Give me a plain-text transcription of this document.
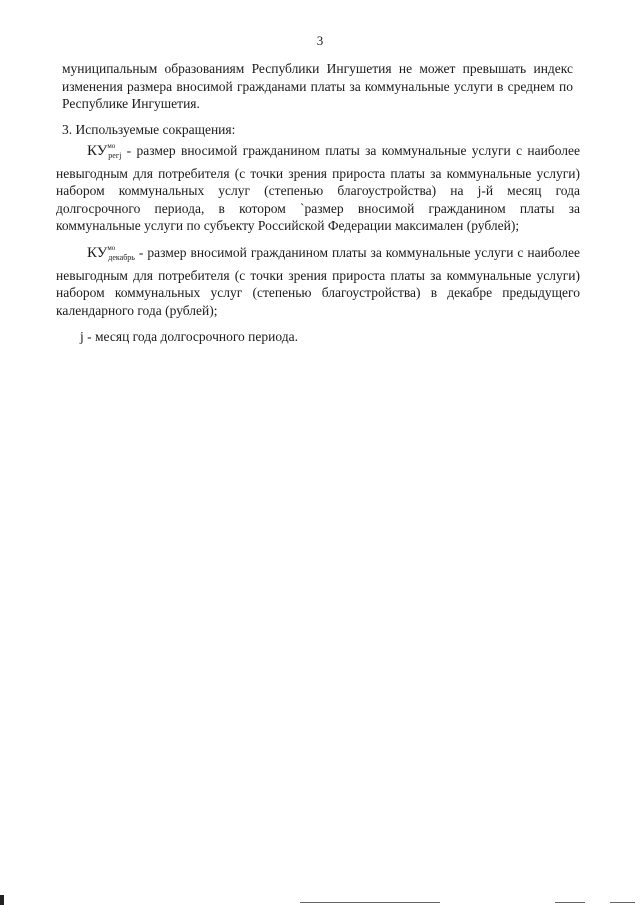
3
муниципальным образованиям Республики Ингушетия не может превышать индекс изменения размера вносимой гражданами платы за коммунальные услуги в среднем по Республике Ингушетия.
3. Используемые сокращения:
$КУ^{мо}_{регj}$ - размер вносимой гражданином платы за коммунальные услуги с наиболее невыгодным для потребителя (с точки зрения прироста платы за коммунальные услуги) набором коммунальных услуг (степенью благоустройства) на j-й месяц года долгосрочного периода, в котором `размер вносимой гражданином платы за коммунальные услуги по субъекту Российской Федерации максимален (рублей);
$КУ^{мо}_{декабрь}$ - размер вносимой гражданином платы за коммунальные услуги с наиболее невыгодным для потребителя (с точки зрения прироста платы за коммунальные услуги) набором коммунальных услуг (степенью благоустройства) в декабре предыдущего календарного года (рублей);
j - месяц года долгосрочного периода.
